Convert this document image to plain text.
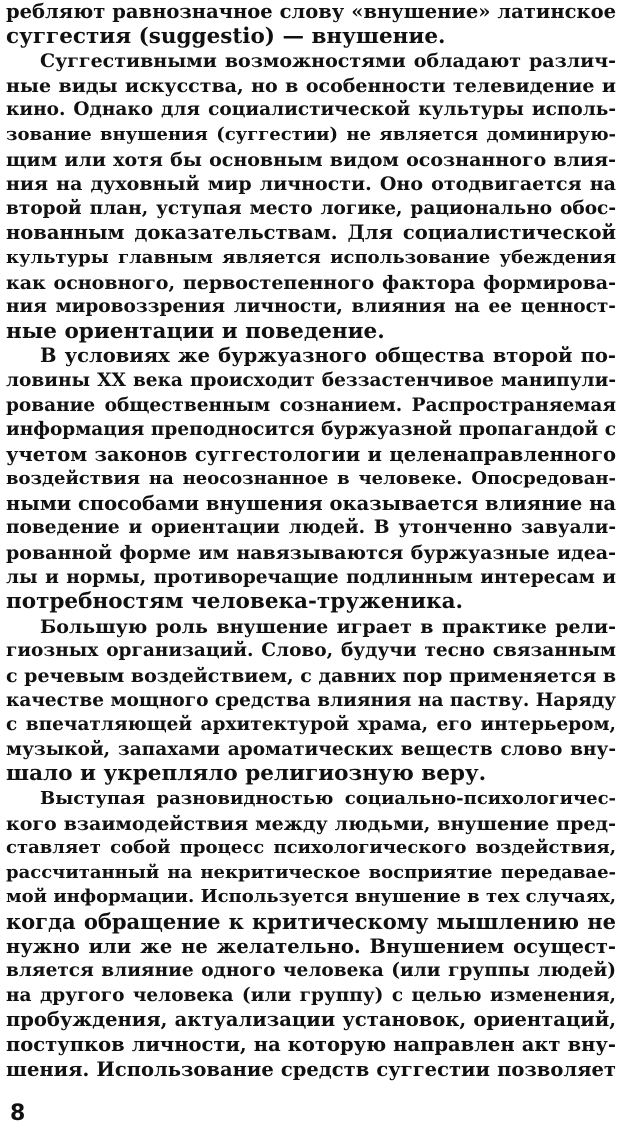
ребляют равнозначное слову «внушение» латинское
суггестия (suggestio) — внушение.
Суггестивными возможностями обладают различ-
ные виды искусства, но в особенности телевидение и
кино. Однако для социалистической культуры исполь-
зование внушения (суггестии) не является доминирую-
щим или хотя бы основным видом осознанного влия-
ния на духовный мир личности. Оно отодвигается на
второй план, уступая место логике, рационально обос-
нованным доказательствам. Для социалистической
культуры главным является использование убеждения
как основного, первостепенного фактора формирова-
ния мировоззрения личности, влияния на ее ценност-
ные ориентации и поведение.
В условиях же буржуазного общества второй по-
ловины XX века происходит беззастенчивое манипули-
рование общественным сознанием. Распространяемая
информация преподносится буржуазной пропагандой с
учетом законов суггестологии и целенаправленного
воздействия на неосознанное в человеке. Опосредован-
ными способами внушения оказывается влияние на
поведение и ориентации людей. В утонченно завуали-
рованной форме им навязываются буржуазные идеа-
лы и нормы, противоречащие подлинным интересам и
потребностям человека-труженика.
Большую роль внушение играет в практике рели-
гиозных организаций. Слово, будучи тесно связанным
с речевым воздействием, с давних пор применяется в
качестве мощного средства влияния на паству. Наряду
с впечатляющей архитектурой храма, его интерьером,
музыкой, запахами ароматических веществ слово вну-
шало и укрепляло религиозную веру.
Выступая разновидностью социально-психологичес-
кого взаимодействия между людьми, внушение пред-
ставляет собой процесс психологического воздействия,
рассчитанный на некритическое восприятие передавае-
мой информации. Используется внушение в тех случаях,
когда обращение к критическому мышлению не
нужно или же не желательно. Внушением осущест-
вляется влияние одного человека (или группы людей)
на другого человека (или группу) с целью изменения,
пробуждения, актуализации установок, ориентаций,
поступков личности, на которую направлен акт вну-
шения. Использование средств суггестии позволяет
8
